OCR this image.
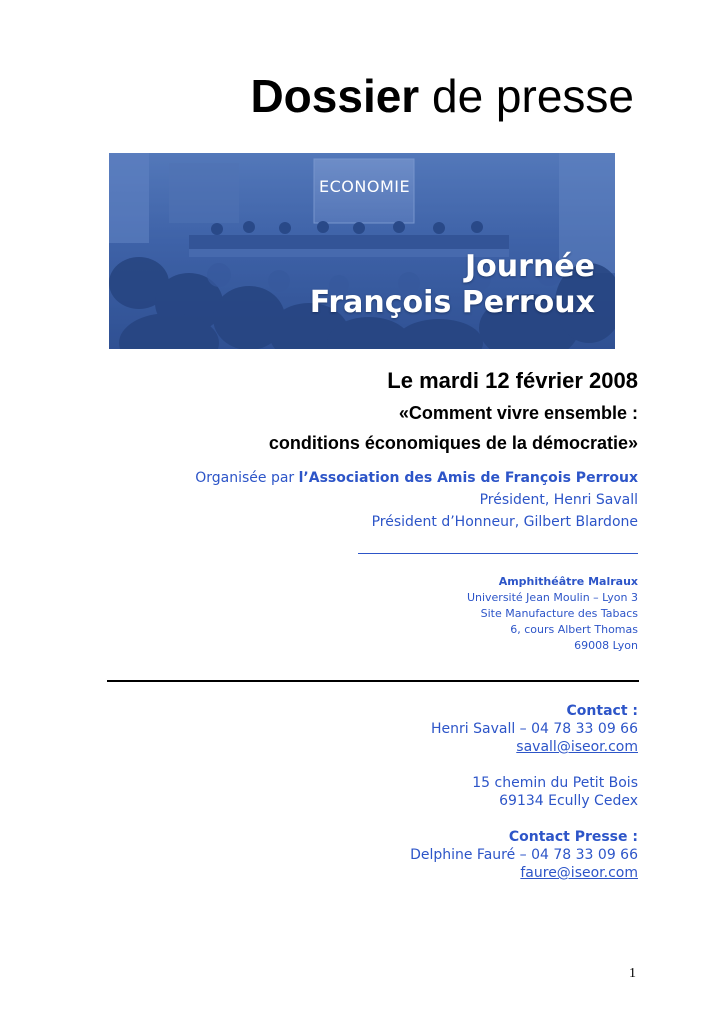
Dossier de presse
ECONOMIE
Journée
François Perroux
Le mardi 12 février 2008
«Comment vivre ensemble :
conditions économiques de la démocratie»
Organisée par l’Association des Amis de François Perroux
Président, Henri Savall
Président d’Honneur, Gilbert Blardone
Amphithéâtre Malraux
Université Jean Moulin – Lyon 3
Site Manufacture des Tabacs
6, cours Albert Thomas
69008 Lyon
Contact :
Henri Savall – 04 78 33 09 66
savall@iseor.com
15 chemin du Petit Bois
69134 Ecully Cedex
Contact Presse :
Delphine Fauré – 04 78 33 09 66
faure@iseor.com
1
